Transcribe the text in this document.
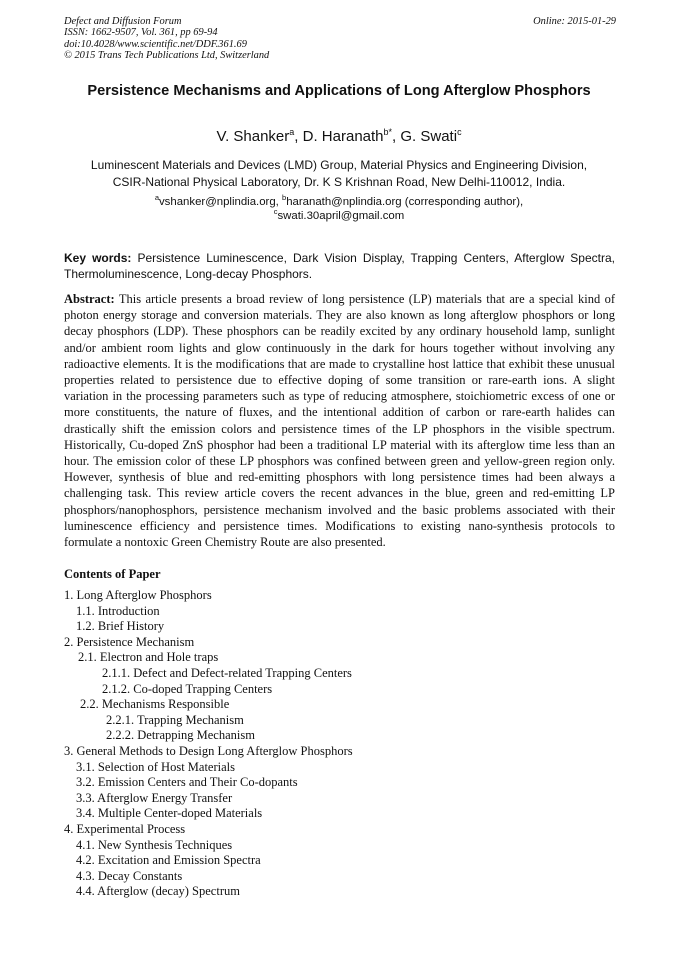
Defect and Diffusion Forum
ISSN: 1662-9507, Vol. 361, pp 69-94
doi:10.4028/www.scientific.net/DDF.361.69
© 2015 Trans Tech Publications Ltd, Switzerland
Online: 2015-01-29
Persistence Mechanisms and Applications of Long Afterglow Phosphors
V. Shanker$^a$, D. Haranath$^{b*}$, G. Swati$^c$
Luminescent Materials and Devices (LMD) Group, Material Physics and Engineering Division,
CSIR-National Physical Laboratory, Dr. K S Krishnan Road, New Delhi-110012, India.
$^a$vshanker@nplindia.org, $^b$haranath@nplindia.org (corresponding author),
$^c$swati.30april@gmail.com
Key words: Persistence Luminescence, Dark Vision Display, Trapping Centers, Afterglow Spectra, Thermoluminescence, Long-decay Phosphors.
Abstract: This article presents a broad review of long persistence (LP) materials that are a special kind of photon energy storage and conversion materials. They are also known as long afterglow phosphors or long decay phosphors (LDP). These phosphors can be readily excited by any ordinary household lamp, sunlight and/or ambient room lights and glow continuously in the dark for hours together without involving any radioactive elements. It is the modifications that are made to crystalline host lattice that exhibit these unusual properties related to persistence due to effective doping of some transition or rare-earth ions. A slight variation in the processing parameters such as type of reducing atmosphere, stoichiometric excess of one or more constituents, the nature of fluxes, and the intentional addition of carbon or rare-earth halides can drastically shift the emission colors and persistence times of the LP phosphors in the visible spectrum. Historically, Cu-doped ZnS phosphor had been a traditional LP material with its afterglow time less than an hour. The emission color of these LP phosphors was confined between green and yellow-green region only. However, synthesis of blue and red-emitting phosphors with long persistence times had been always a challenging task. This review article covers the recent advances in the blue, green and red-emitting LP phosphors/nanophosphors, persistence mechanism involved and the basic problems associated with their luminescence efficiency and persistence times. Modifications to existing nano-synthesis protocols to formulate a nontoxic Green Chemistry Route are also presented.
Contents of Paper
1. Long Afterglow Phosphors
1.1. Introduction
1.2. Brief History
2. Persistence Mechanism
2.1. Electron and Hole traps
2.1.1. Defect and Defect-related Trapping Centers
2.1.2. Co-doped Trapping Centers
2.2. Mechanisms Responsible
2.2.1. Trapping Mechanism
2.2.2. Detrapping Mechanism
3. General Methods to Design Long Afterglow Phosphors
3.1. Selection of Host Materials
3.2. Emission Centers and Their Co-dopants
3.3. Afterglow Energy Transfer
3.4. Multiple Center-doped Materials
4. Experimental Process
4.1. New Synthesis Techniques
4.2. Excitation and Emission Spectra
4.3. Decay Constants
4.4. Afterglow (decay) Spectrum
